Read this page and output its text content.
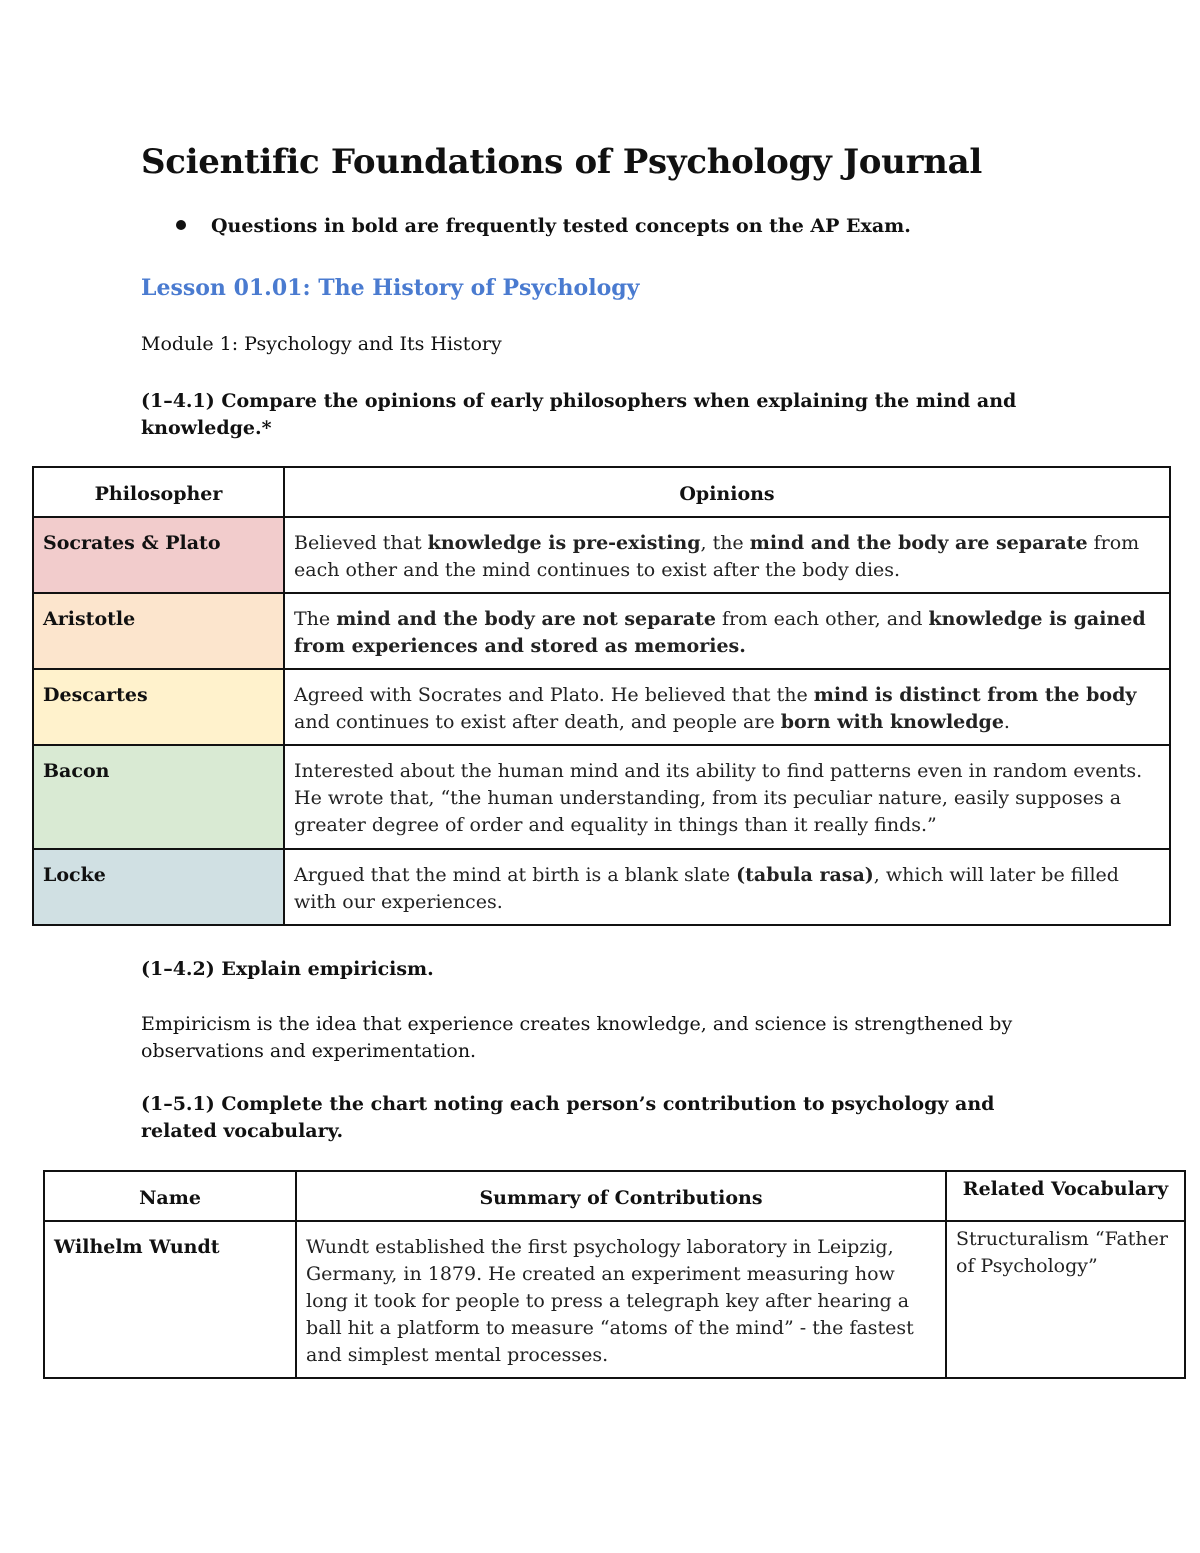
Scientific Foundations of Psychology Journal
Questions in bold are frequently tested concepts on the AP Exam.
Lesson 01.01: The History of Psychology
Module 1: Psychology and Its History
(1–4.1) Compare the opinions of early philosophers when explaining the mind and knowledge.*
Philosopher	Opinions
Socrates & Plato	Believed that knowledge is pre-existing, the mind and the body are separate from each other and the mind continues to exist after the body dies.
Aristotle	The mind and the body are not separate from each other, and knowledge is gained from experiences and stored as memories.
Descartes	Agreed with Socrates and Plato. He believed that the mind is distinct from the body and continues to exist after death, and people are born with knowledge.
Bacon	Interested about the human mind and its ability to find patterns even in random events. He wrote that, “the human understanding, from its peculiar nature, easily supposes a greater degree of order and equality in things than it really finds.”
Locke	Argued that the mind at birth is a blank slate (tabula rasa), which will later be filled with our experiences.
(1–4.2) Explain empiricism.
Empiricism is the idea that experience creates knowledge, and science is strengthened by observations and experimentation.
(1–5.1) Complete the chart noting each person’s contribution to psychology and related vocabulary.
Name	Summary of Contributions	Related Vocabulary
Wilhelm Wundt	Wundt established the first psychology laboratory in Leipzig, Germany, in 1879. He created an experiment measuring how long it took for people to press a telegraph key after hearing a ball hit a platform to measure “atoms of the mind” - the fastest and simplest mental processes.	Structuralism “Father of Psychology”
